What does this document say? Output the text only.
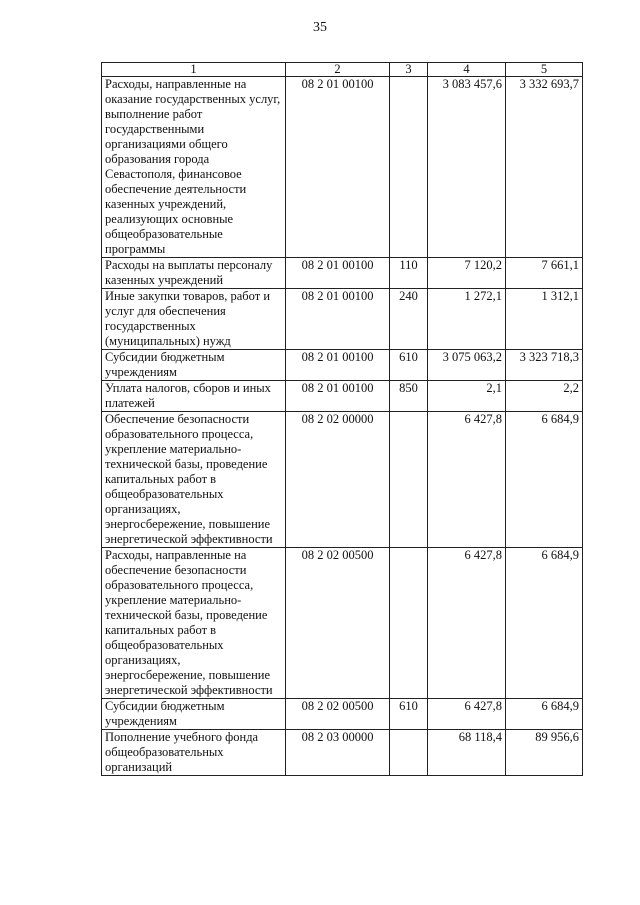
35
1	2	3	4	5
Расходы, направленные на оказание государственных услуг, выполнение работ государственными организациями общего образования города Севастополя, финансовое обеспечение деятельности казенных учреждений, реализующих основные общеобразовательные программы	08 2 01 00100		3 083 457,6	3 332 693,7
Расходы на выплаты персоналу казенных учреждений	08 2 01 00100	110	7 120,2	7 661,1
Иные закупки товаров, работ и услуг для обеспечения государственных (муниципальных) нужд	08 2 01 00100	240	1 272,1	1 312,1
Субсидии бюджетным учреждениям	08 2 01 00100	610	3 075 063,2	3 323 718,3
Уплата налогов, сборов и иных платежей	08 2 01 00100	850	2,1	2,2
Обеспечение безопасности образовательного процесса, укрепление материально-технической базы, проведение капитальных работ в общеобразовательных организациях, энергосбережение, повышение энергетической эффективности	08 2 02 00000		6 427,8	6 684,9
Расходы, направленные на обеспечение безопасности образовательного процесса, укрепление материально-технической базы, проведение капитальных работ в общеобразовательных организациях, энергосбережение, повышение энергетической эффективности	08 2 02 00500		6 427,8	6 684,9
Субсидии бюджетным учреждениям	08 2 02 00500	610	6 427,8	6 684,9
Пополнение учебного фонда общеобразовательных организаций	08 2 03 00000		68 118,4	89 956,6
